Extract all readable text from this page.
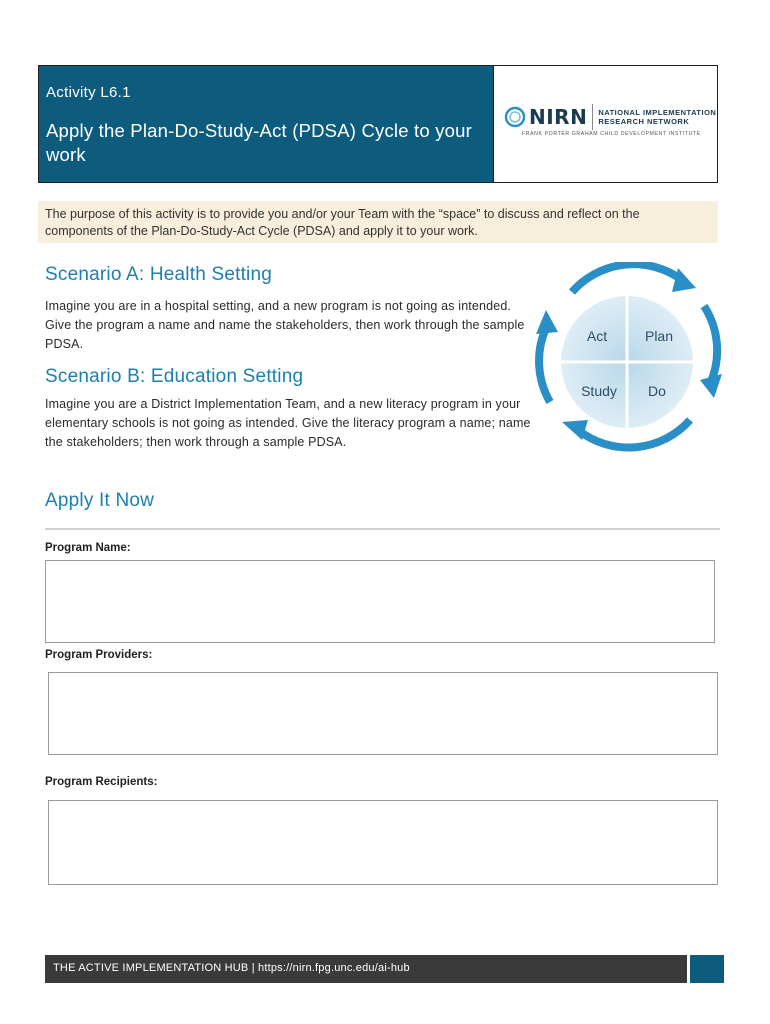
Activity L6.1
Apply the Plan-Do-Study-Act (PDSA) Cycle to your work
NIRN NATIONAL IMPLEMENTATION
RESEARCH NETWORK
FRANK PORTER GRAHAM CHILD DEVELOPMENT INSTITUTE
The purpose of this activity is to provide you and/or your Team with the “space” to discuss and reflect on the components of the Plan-Do-Study-Act Cycle (PDSA) and apply it to your work.
Scenario A: Health Setting

Imagine you are in a hospital setting, and a new program is not going as intended. Give the program a name and name the stakeholders, then work through the sample PDSA.

Scenario B: Education Setting

Imagine you are a District Implementation Team, and a new literacy program in your elementary schools is not going as intended. Give the literacy program a name; name the stakeholders; then work through a sample PDSA.

Act	Plan
Study Do
Apply It Now
Program Name:
Program Providers:
Program Recipients:
THE ACTIVE IMPLEMENTATION HUB | https://nirn.fpg.unc.edu/ai-hub
